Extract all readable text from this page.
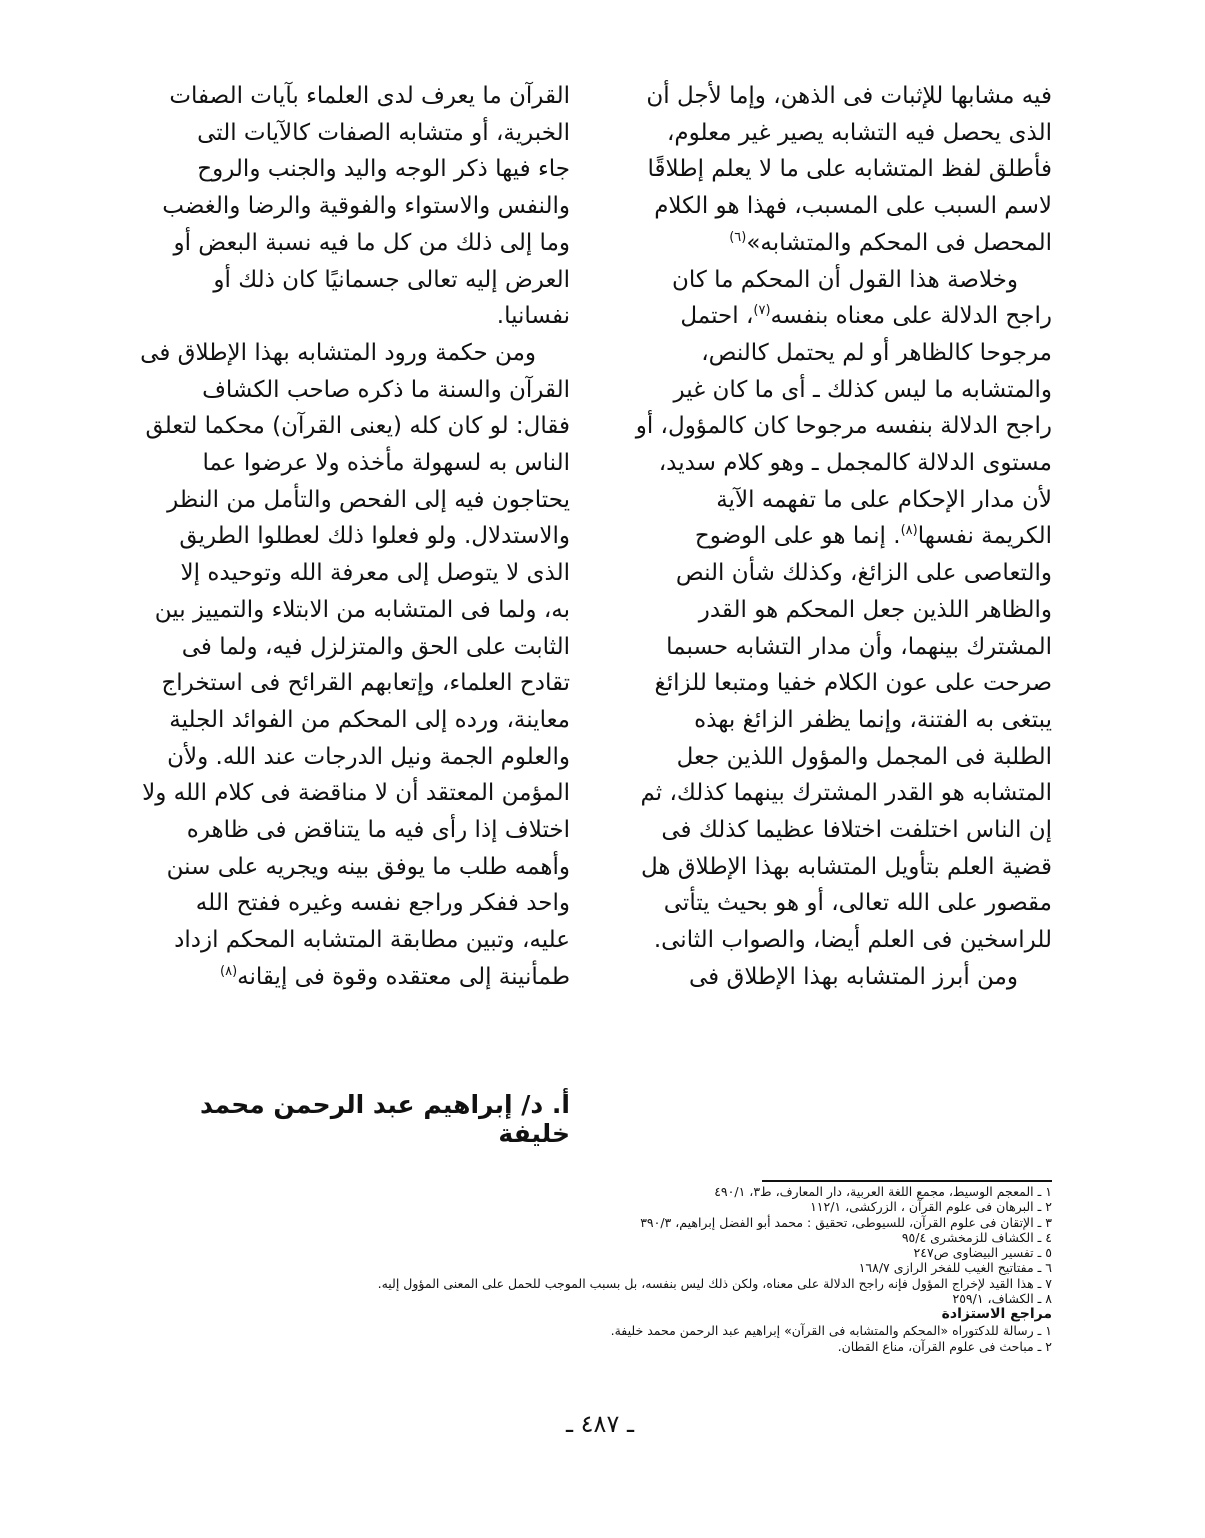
فيه مشابها للإثبات فى الذهن، وإما لأجل أن
الذى يحصل فيه التشابه يصير غير معلوم،
فأطلق لفظ المتشابه على ما لا يعلم إطلاقًا
لاسم السبب على المسبب، فهذا هو الكلام
المحصل فى المحكم والمتشابه»$^{(٦)}$
وخلاصة هذا القول أن المحكم ما كان
راجح الدلالة على معناه بنفسه$^{(٧)}$، احتمل
مرجوحا كالظاهر أو لم يحتمل كالنص،
والمتشابه ما ليس كذلك ـ أى ما كان غير
راجح الدلالة بنفسه مرجوحا كان كالمؤول، أو
مستوى الدلالة كالمجمل ـ وهو كلام سديد،
لأن مدار الإحكام على ما تفهمه الآية
الكريمة نفسها$^{(٨)}$. إنما هو على الوضوح
والتعاصى على الزائغ، وكذلك شأن النص
والظاهر اللذين جعل المحكم هو القدر
المشترك بينهما، وأن مدار التشابه حسبما
صرحت على عون الكلام خفيا ومتبعا للزائغ
يبتغى به الفتنة، وإنما يظفر الزائغ بهذه
الطلبة فى المجمل والمؤول اللذين جعل
المتشابه هو القدر المشترك بينهما كذلك، ثم
إن الناس اختلفت اختلافا عظيما كذلك فى
قضية العلم بتأويل المتشابه بهذا الإطلاق هل
مقصور على الله تعالى، أو هو بحيث يتأتى
للراسخين فى العلم أيضا، والصواب الثانى.
ومن أبرز المتشابه بهذا الإطلاق فى
القرآن ما يعرف لدى العلماء بآيات الصفات
الخبرية، أو متشابه الصفات كالآيات التى
جاء فيها ذكر الوجه واليد والجنب والروح
والنفس والاستواء والفوقية والرضا والغضب
وما إلى ذلك من كل ما فيه نسبة البعض أو
العرض إليه تعالى جسمانيًا كان ذلك أو
نفسانيا.
ومن حكمة ورود المتشابه بهذا الإطلاق فى
القرآن والسنة ما ذكره صاحب الكشاف
فقال: لو كان كله (يعنى القرآن) محكما لتعلق
الناس به لسهولة مأخذه ولا عرضوا عما
يحتاجون فيه إلى الفحص والتأمل من النظر
والاستدلال. ولو فعلوا ذلك لعطلوا الطريق
الذى لا يتوصل إلى معرفة الله وتوحيده إلا
به، ولما فى المتشابه من الابتلاء والتمييز بين
الثابت على الحق والمتزلزل فيه، ولما فى
تقادح العلماء، وإتعابهم القرائح فى استخراج
معاينة، ورده إلى المحكم من الفوائد الجلية
والعلوم الجمة ونيل الدرجات عند الله. ولأن
المؤمن المعتقد أن لا مناقضة فى كلام الله ولا
اختلاف إذا رأى فيه ما يتناقض فى ظاهره
وأهمه طلب ما يوفق بينه ويجريه على سنن
واحد ففكر وراجع نفسه وغيره ففتح الله
عليه، وتبين مطابقة المتشابه المحكم ازداد
طمأنينة إلى معتقده وقوة فى إيقانه$^{(٨)}$
أ. د/ إبراهيم عبد الرحمن محمد خليفة
١ ـ المعجم الوسيط، مجمع اللغة العربية، دار المعارف، ط٣، ٤٩٠/١
٢ ـ البرهان فى علوم القرآن ، الزركشى، ١١٢/١
٣ ـ الإتقان فى علوم القرآن، للسيوطى، تحقيق : محمد أبو الفضل إبراهيم، ٣٩٠/٣
٤ ـ الكشاف للزمخشرى ٩٥/٤
٥ ـ تفسير البيضاوى ص٢٤٧
٦ ـ مفتاتيح الغيب للفخر الرازى ١٦٨/٧
٧ ـ هذا القيد لإخراج المؤول فإنه راجح الدلالة على معناه، ولكن ذلك ليس بنفسه، بل بسبب الموجب للحمل على المعنى المؤول إليه.
٨ ـ الكشاف، ٢٥٩/١
مراجع الاستزادة
١ ـ رسالة للدكتوراه «المحكم والمتشابه فى القرآن» إبراهيم عبد الرحمن محمد خليفة.
٢ ـ مباحث فى علوم القرآن، مناع القطان.
ـ ٤٨٧ ـ
